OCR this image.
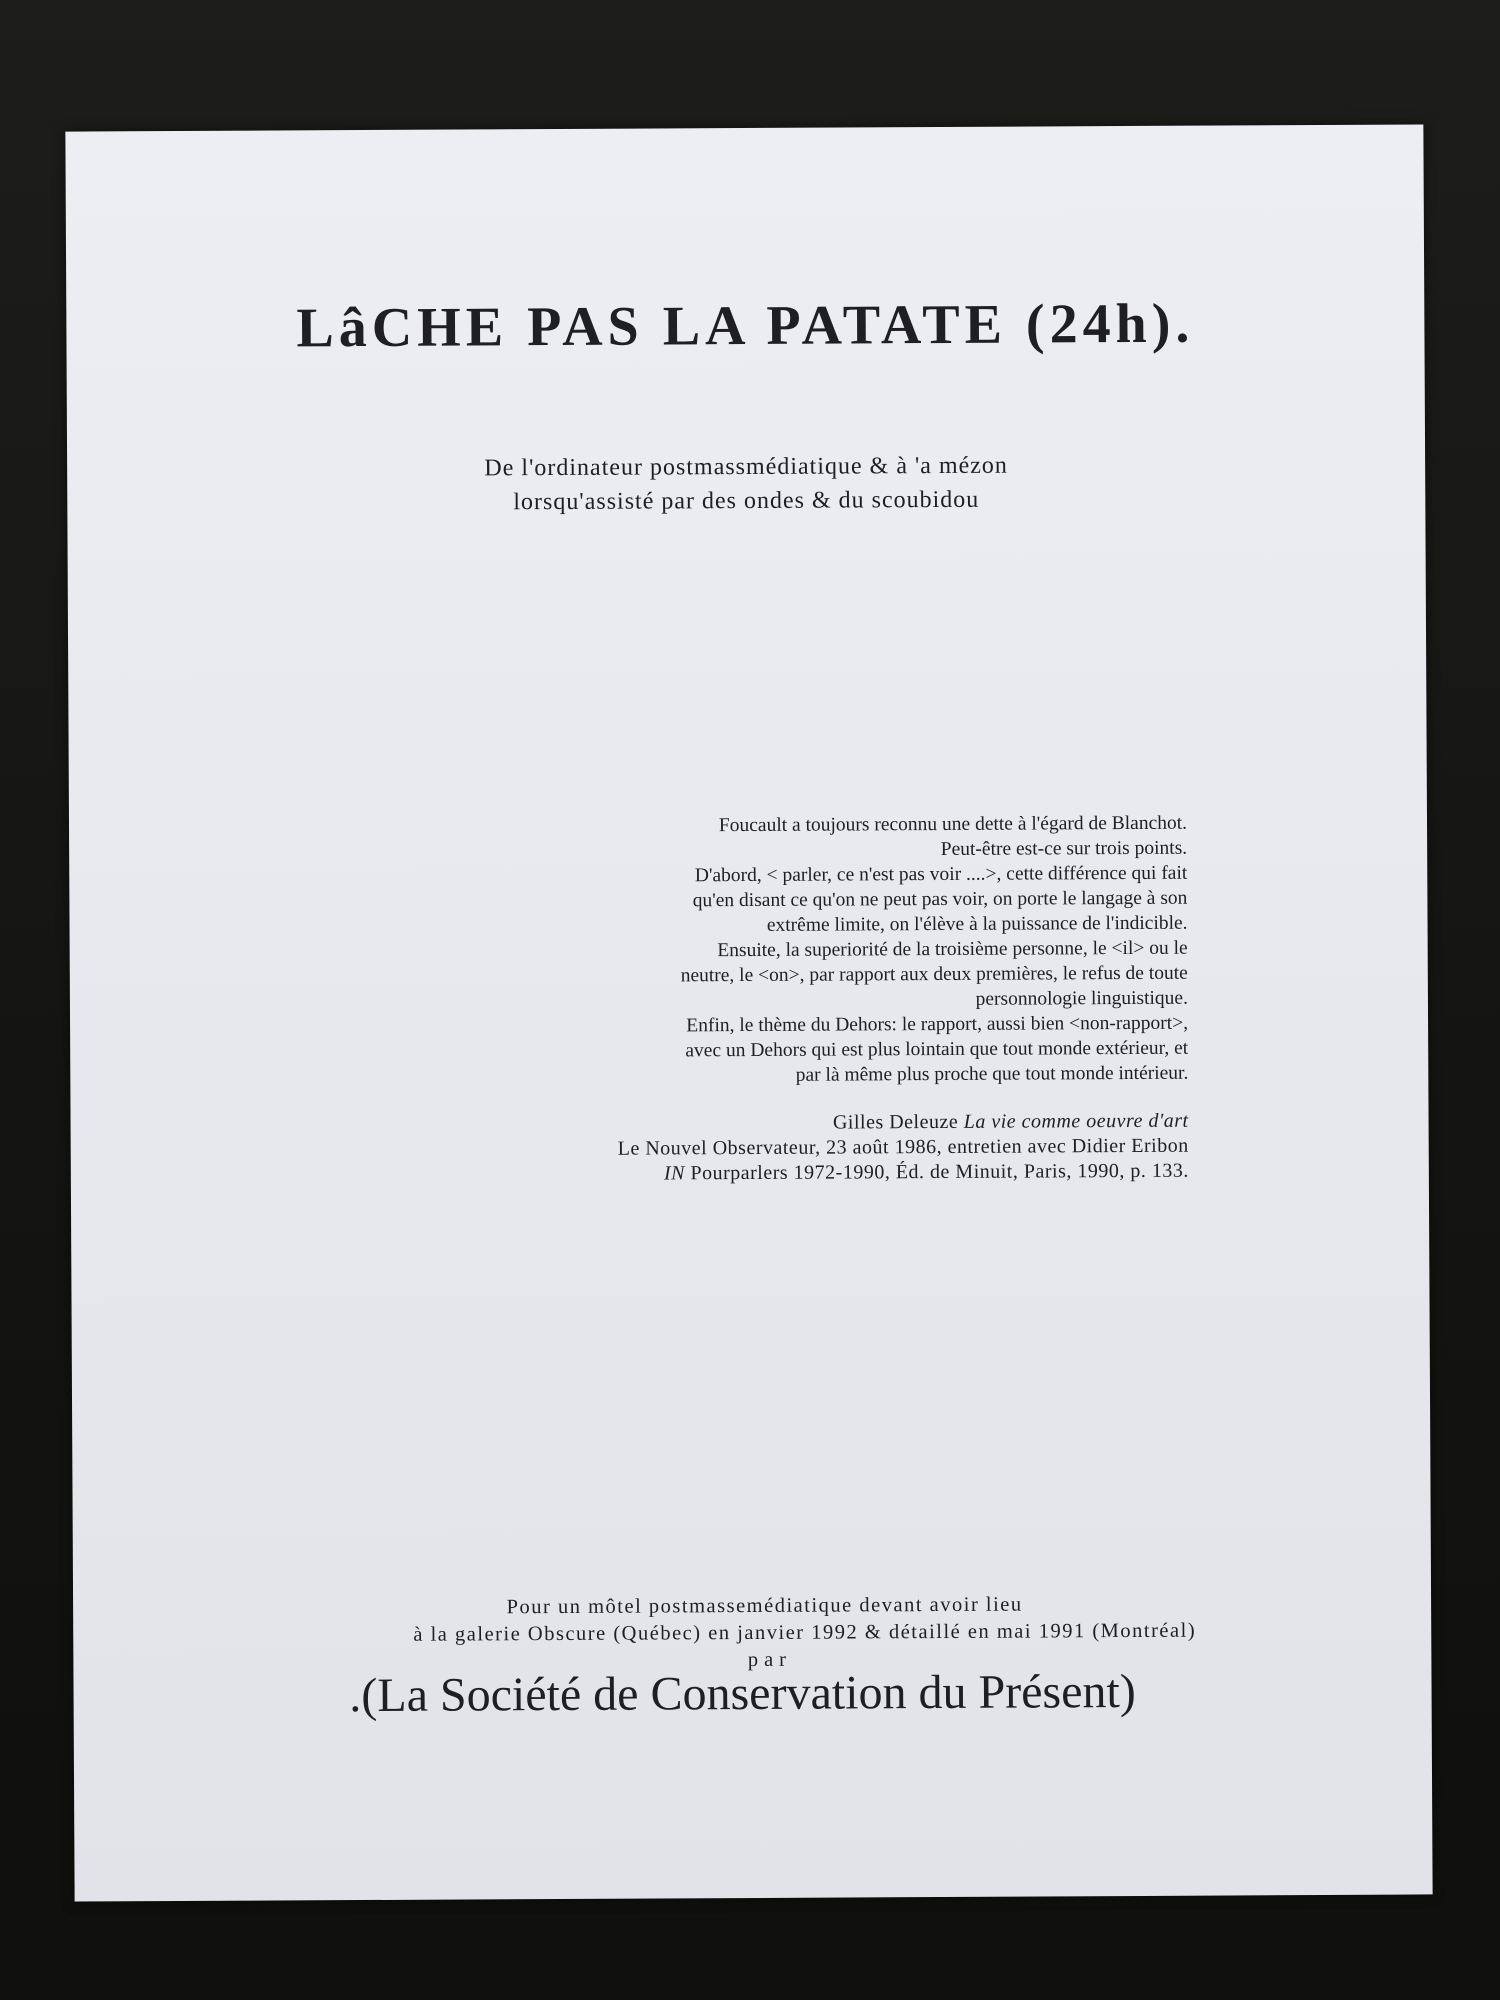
LâCHE PAS LA PATATE (24h).
De l'ordinateur postmassmédiatique & à 'a mézon
lorsqu'assisté par des ondes & du scoubidou

Foucault a toujours reconnu une dette à l'égard de Blanchot.

Peut-être est-ce sur trois points.

D'abord, < parler, ce n'est pas voir ....>, cette différence qui fait

qu'en disant ce qu'on ne peut pas voir, on porte le langage à son

extrême limite, on l'élève à la puissance de l'indicible.

Ensuite, la superiorité de la troisième personne, le <il> ou le

neutre, le <on>, par rapport aux deux premières, le refus de toute

personnologie linguistique.

Enfin, le thème du Dehors: le rapport, aussi bien <non-rapport>,

avec un Dehors qui est plus lointain que tout monde extérieur, et

par là même plus proche que tout monde intérieur.

Gilles Deleuze La vie comme oeuvre d'art

Le Nouvel Observateur, 23 août 1986, entretien avec Didier Eribon

IN Pourparlers 1972-1990, Éd. de Minuit, Paris, 1990, p. 133.

Pour un môtel postmassemédiatique devant avoir lieu

à la galerie Obscure (Québec) en janvier 1992 & détaillé en mai 1991 (Montréal)

par

.(La Société de Conservation du Présent)
